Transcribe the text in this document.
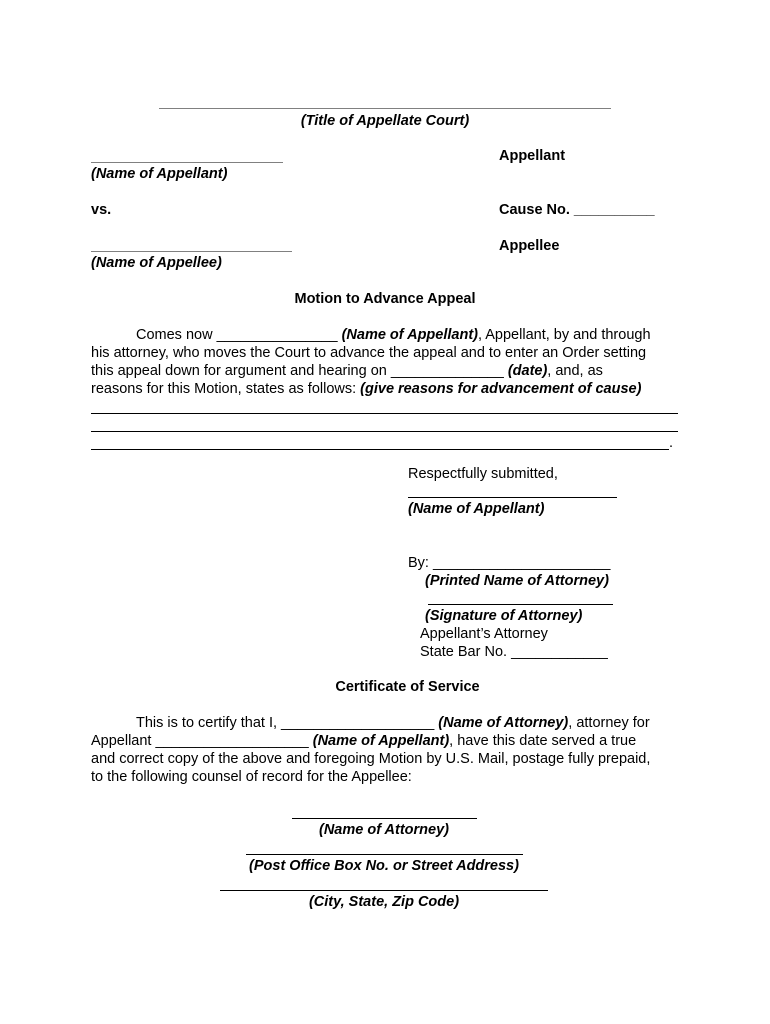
(Title of Appellate Court)
Appellant
(Name of Appellant)
vs.	Cause No. __________
Appellee
(Name of Appellee)
Motion to Advance Appeal
Comes now _______________ (Name of Appellant), Appellant, by and through
his attorney, who moves the Court to advance the appeal and to enter an Order setting
this appeal down for argument and hearing on ______________ (date), and, as
reasons for this Motion, states as follows: (give reasons for advancement of cause)
.
Respectfully submitted,
(Name of Appellant)
By: ______________________
(Printed Name of Attorney)
(Signature of Attorney)
Appellant’s Attorney
State Bar No. ____________
Certificate of Service
This is to certify that I, ___________________ (Name of Attorney), attorney for
Appellant ___________________ (Name of Appellant), have this date served a true
and correct copy of the above and foregoing Motion by U.S. Mail, postage fully prepaid,
to the following counsel of record for the Appellee:
(Name of Attorney)
(Post Office Box No. or Street Address)
(City, State, Zip Code)
